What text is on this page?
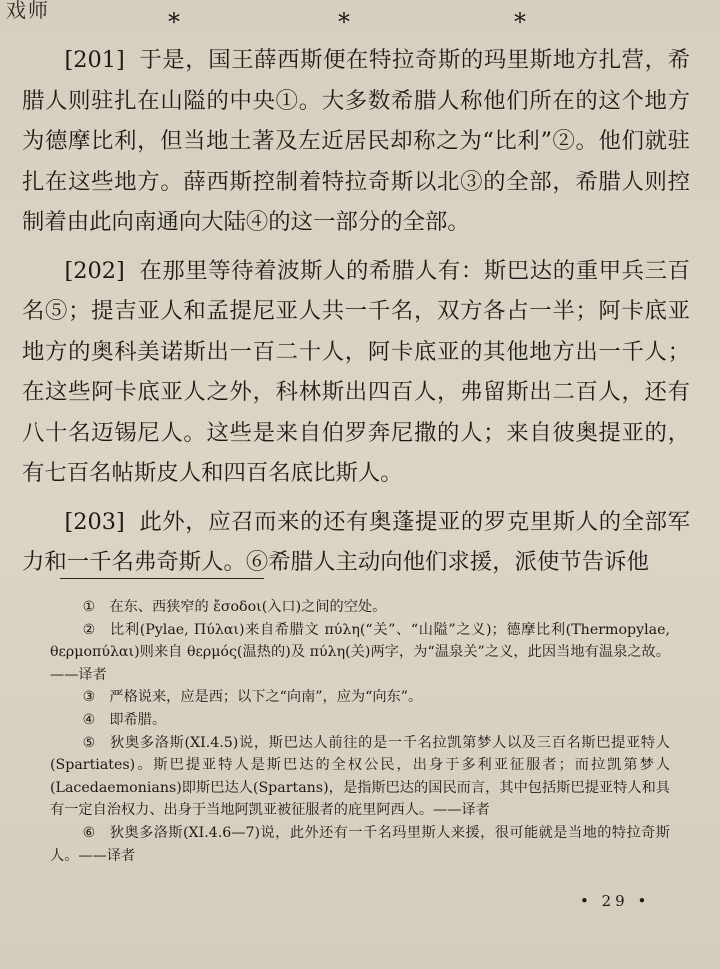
戏师	*	*	*

[201] 于是，国王薛西斯便在特拉奇斯的玛里斯地方扎营，希腊人则驻扎在山隘的中央①。大多数希腊人称他们所在的这个地方为德摩比利，但当地土著及左近居民却称之为“比利”②。他们就驻扎在这些地方。薛西斯控制着特拉奇斯以北③的全部，希腊人则控制着由此向南通向大陆④的这一部分的全部。

[202] 在那里等待着波斯人的希腊人有：斯巴达的重甲兵三百名⑤；提吉亚人和孟提尼亚人共一千名，双方各占一半；阿卡底亚地方的奥科美诺斯出一百二十人，阿卡底亚的其他地方出一千人；在这些阿卡底亚人之外，科林斯出四百人，弗留斯出二百人，还有八十名迈锡尼人。这些是来自伯罗奔尼撒的人；来自彼奥提亚的，有七百名帖斯皮人和四百名底比斯人。

[203] 此外，应召而来的还有奥蓬提亚的罗克里斯人的全部军力和一千名弗奇斯人。⑥希腊人主动向他们求援，派使节告诉他

① 在东、西狭窄的 ἔσοδοι(入口)之间的空处。

② 比利(Pylae, Πύλαι)来自希腊文 πύλη(“关”、“山隘”之义)；德摩比利(Thermopylae, θερμοπύλαι)则来自 θερμός(温热的)及 πύλη(关)两字，为“温泉关”之义，此因当地有温泉之故。——译者

③ 严格说来，应是西；以下之“向南”，应为“向东”。

④ 即希腊。

⑤ 狄奥多洛斯(XI.4.5)说，斯巴达人前往的是一千名拉凯第梦人以及三百名斯巴提亚特人(Spartiates)。斯巴提亚特人是斯巴达的全权公民，出身于多利亚征服者；而拉凯第梦人(Lacedaemonians)即斯巴达人(Spartans)，是指斯巴达的国民而言，其中包括斯巴提亚特人和具有一定自治权力、出身于当地阿凯亚被征服者的庇里阿西人。——译者

⑥ 狄奥多洛斯(XI.4.6—7)说，此外还有一千名玛里斯人来援，很可能就是当地的特拉奇斯人。——译者

• 29 •
